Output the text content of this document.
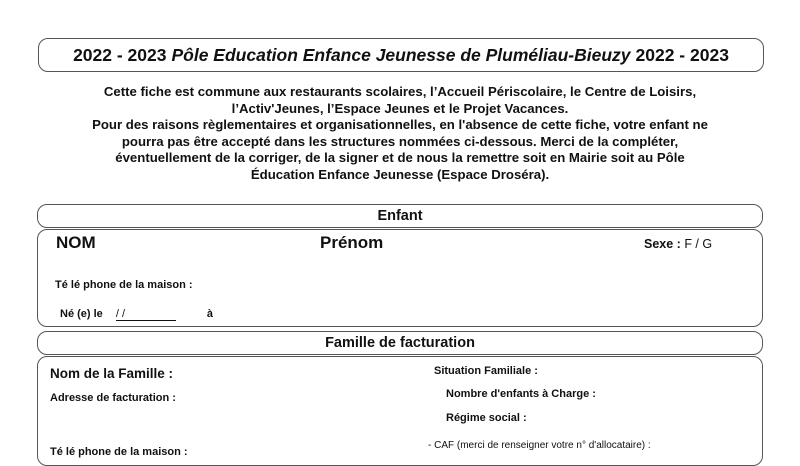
2022 - 2023 Pôle Education Enfance Jeunesse de Pluméliau-Bieuzy 2022 - 2023

Cette fiche est commune aux restaurants scolaires, l’Accueil Périscolaire, le Centre de Loisirs,

l’Activ'Jeunes, l’Espace Jeunes et le Projet Vacances.

Pour des raisons règlementaires et organisationnelles, en l'absence de cette fiche, votre enfant ne

pourra pas être accepté dans les structures nommées ci-dessous. Merci de la compléter,

éventuellement de la corriger, de la signer et de nous la remettre soit en Mairie soit au Pôle

Éducation Enfance Jeunesse (Espace Droséra).

Enfant
NOM	Prénom	Sexe : F / G
Té lé phone de la maison :
Né (e) le / /	à
Famille de facturation
Nom de la Famille :
Adresse de facturation :
Té lé phone de la maison :
Situation Familiale :
Nombre d'enfants à Charge :
Régime social :
- CAF (merci de renseigner votre n° d'allocataire) :
